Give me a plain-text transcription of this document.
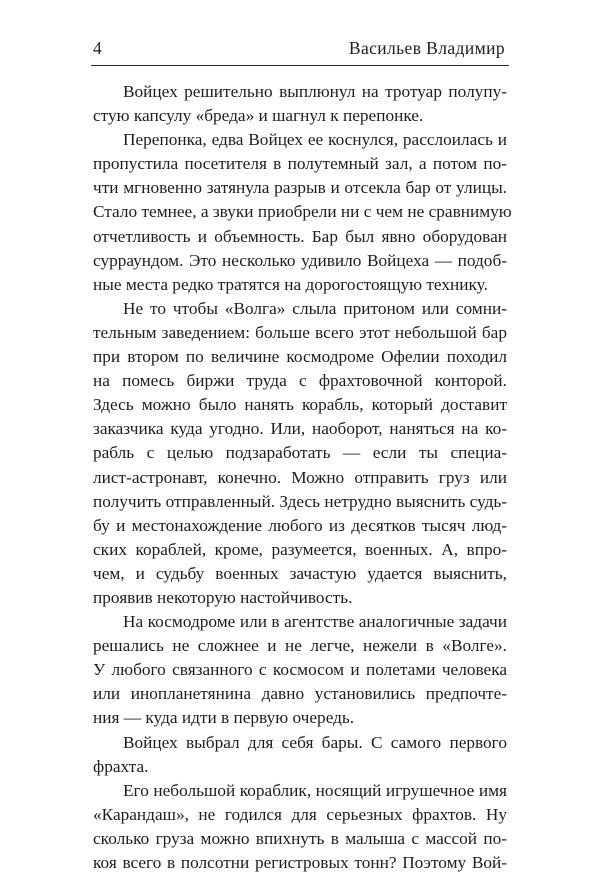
4	Васильев Владимир
Войцех решительно выплюнул на тротуар полупу-
стую капсулу «бреда» и шагнул к перепонке.
Перепонка, едва Войцех ее коснулся, расслоилась и
пропустила посетителя в полутемный зал, а потом по-
чти мгновенно затянула разрыв и отсекла бар от улицы.
Стало темнее, а звуки приобрели ни с чем не сравнимую
отчетливость и объемность. Бар был явно оборудован
сурраундом. Это несколько удивило Войцеха — подоб-
ные места редко тратятся на дорогостоящую технику.
Не то чтобы «Волга» слыла притоном или сомни-
тельным заведением: больше всего этот небольшой бар
при втором по величине космодроме Офелии походил
на помесь биржи труда с фрахтовочной конторой.
Здесь можно было нанять корабль, который доставит
заказчика куда угодно. Или, наоборот, наняться на ко-
рабль с целью подзаработать — если ты специа-
лист-астронавт, конечно. Можно отправить груз или
получить отправленный. Здесь нетрудно выяснить судь-
бу и местонахождение любого из десятков тысяч люд-
ских кораблей, кроме, разумеется, военных. А, впро-
чем, и судьбу военных зачастую удается выяснить,
проявив некоторую настойчивость.
На космодроме или в агентстве аналогичные задачи
решались не сложнее и не легче, нежели в «Волге».
У любого связанного с космосом и полетами человека
или инопланетянина давно установились предпочте-
ния — куда идти в первую очередь.
Войцех выбрал для себя бары. С самого первого
фрахта.
Его небольшой кораблик, носящий игрушечное имя
«Карандаш», не годился для серьезных фрахтов. Ну
сколько груза можно впихнуть в малыша с массой по-
коя всего в полсотни регистровых тонн? Поэтому Вой-
